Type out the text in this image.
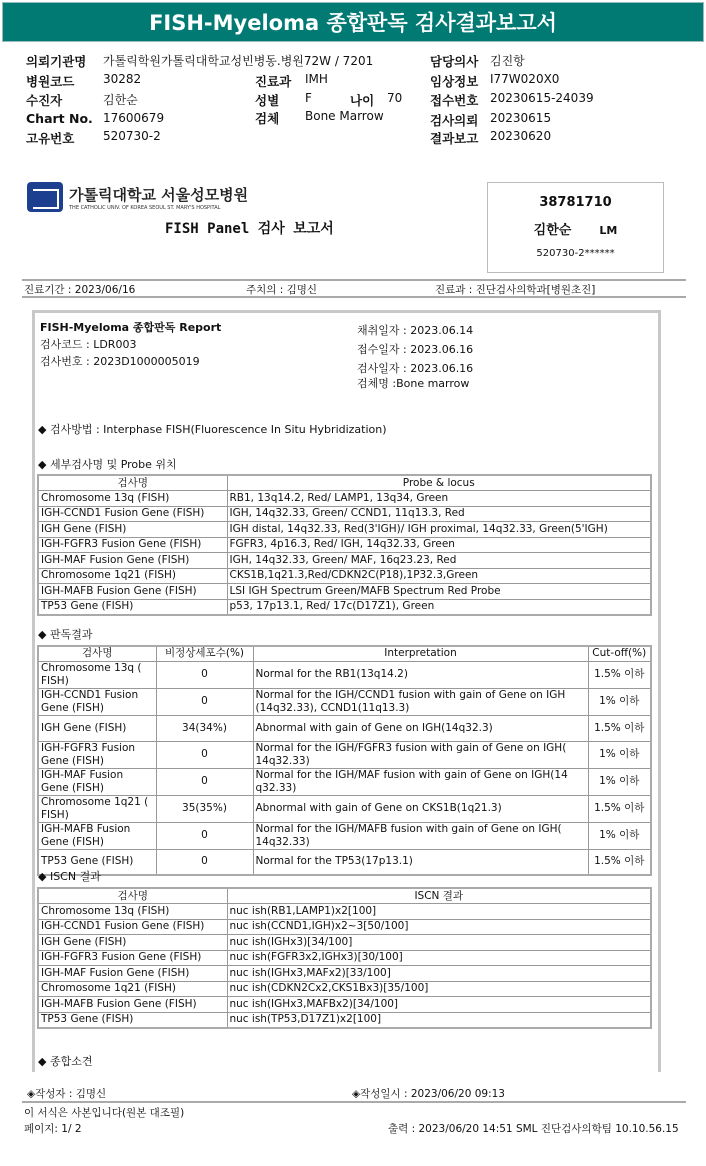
FISH-Myeloma 종합판독 검사결과보고서
의뢰기관명 가톨릭학원가톨릭대학교성빈병동.병원72W / 7201	담당의사 김진항
병원코드 30282	진료과 IMH	임상정보 I77W020X0
수진자	김한순	성별 F	나이 70 접수번호 20230615-24039
Chart No. 17600679	검체 Bone Marrow	검사의뢰 20230615
고유번호 520730-2	결과보고 20230620
가톨릭대학교 서울성모병원
THE CATHOLIC UNIV. OF KOREA SEOUL ST. MARY'S HOSPITAL
FISH Panel 검사 보고서
38781710
김한순	LM
520730-2******
진료기간 : 2023/06/16	주치의 : 김명신	진료과 : 진단검사의학과[병원초진]
FISH-Myeloma 종합판독 Report
검사코드 : LDR003
검사번호 : 2023D1000005019
채취일자 : 2023.06.14
접수일자 : 2023.06.16
검사일자 : 2023.06.16
검체명 :Bone marrow
◆ 검사방법 : Interphase FISH(Fluorescence In Situ Hybridization)
◆ 세부검사명 및 Probe 위치
검사명	Probe & locus
Chromosome 13q (FISH)	RB1, 13q14.2, Red/ LAMP1, 13q34, Green
IGH-CCND1 Fusion Gene (FISH)	IGH, 14q32.33, Green/ CCND1, 11q13.3, Red
IGH Gene (FISH)	IGH distal, 14q32.33, Red(3'IGH)/ IGH proximal, 14q32.33, Green(5'IGH)
IGH-FGFR3 Fusion Gene (FISH)	FGFR3, 4p16.3, Red/ IGH, 14q32.33, Green
IGH-MAF Fusion Gene (FISH)	IGH, 14q32.33, Green/ MAF, 16q23.23, Red
Chromosome 1q21 (FISH)	CKS1B,1q21.3,Red/CDKN2C(P18),1P32.3,Green
IGH-MAFB Fusion Gene (FISH)	LSI IGH Spectrum Green/MAFB Spectrum Red Probe
TP53 Gene (FISH)	p53, 17p13.1, Red/ 17c(D17Z1), Green
◆ 판독결과
검사명	비정상세포수(%)	Interpretation	Cut-off(%)
Chromosome 13q ( FISH)	0	Normal for the RB1(13q14.2)	1.5% 이하
IGH-CCND1 Fusion Gene (FISH)	0	Normal for the IGH/CCND1 fusion with gain of Gene on IGH (14q32.33), CCND1(11q13.3)	1% 이하
IGH Gene (FISH)	34(34%)	Abnormal with gain of Gene on IGH(14q32.3)	1.5% 이하
IGH-FGFR3 Fusion Gene (FISH)	0	Normal for the IGH/FGFR3 fusion with gain of Gene on IGH( 14q32.33)	1% 이하
IGH-MAF Fusion Gene (FISH)	0	Normal for the IGH/MAF fusion with gain of Gene on IGH(14 q32.33)	1% 이하
Chromosome 1q21 ( FISH)	35(35%)	Abnormal with gain of Gene on CKS1B(1q21.3)	1.5% 이하
IGH-MAFB Fusion Gene (FISH)	0	Normal for the IGH/MAFB fusion with gain of Gene on IGH( 14q32.33)	1% 이하
TP53 Gene (FISH)	0	Normal for the TP53(17p13.1)	1.5% 이하
◆ ISCN 결과
검사명	ISCN 결과
Chromosome 13q (FISH)	nuc ish(RB1,LAMP1)x2[100]
IGH-CCND1 Fusion Gene (FISH)	nuc ish(CCND1,IGH)x2~3[50/100]
IGH Gene (FISH)	nuc ish(IGHx3)[34/100]
IGH-FGFR3 Fusion Gene (FISH)	nuc ish(FGFR3x2,IGHx3)[30/100]
IGH-MAF Fusion Gene (FISH)	nuc ish(IGHx3,MAFx2)[33/100]
Chromosome 1q21 (FISH)	nuc ish(CDKN2Cx2,CKS1Bx3)[35/100]
IGH-MAFB Fusion Gene (FISH)	nuc ish(IGHx3,MAFBx2)[34/100]
TP53 Gene (FISH)	nuc ish(TP53,D17Z1)x2[100]
◆ 종합소견
◈작성자 : 김명신	◈작성일시 : 2023/06/20 09:13
이 서식은 사본입니다(원본 대조필)
페이지: 1/ 2	출력 : 2023/06/20 14:51 SML 진단검사의학팀 10.10.56.15
